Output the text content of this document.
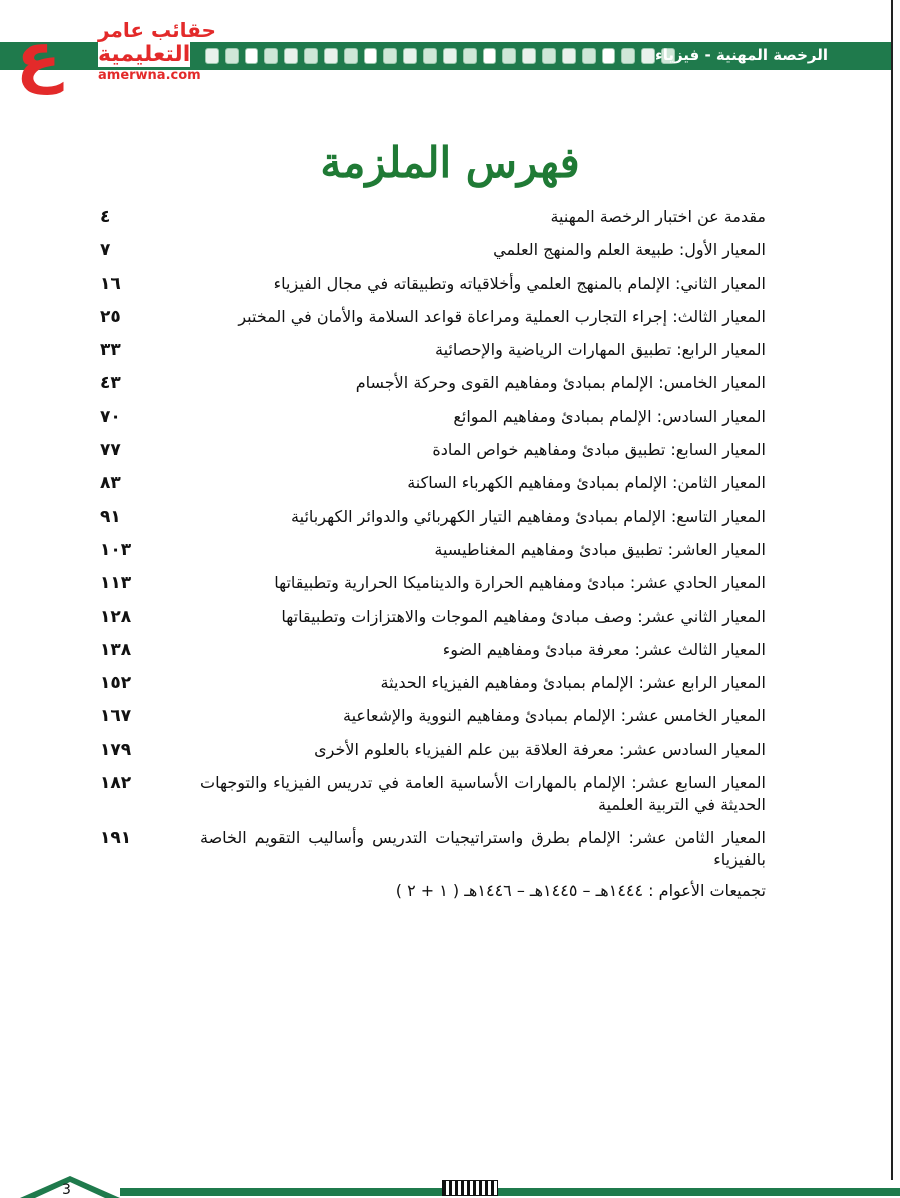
الرخصة المهنية - فيزياء
ع	حقائب عامر
التعليمية
amerwna.com
فهرس الملزمة
مقدمة عن اختبار الرخصة المهنية
٤
المعيار الأول: طبيعة العلم والمنهج العلمي
٧
المعيار الثاني: الإلمام بالمنهج العلمي وأخلاقياته وتطبيقاته في مجال الفيزياء
١٦
المعيار الثالث: إجراء التجارب العملية ومراعاة قواعد السلامة والأمان في المختبر
٢٥
المعيار الرابع: تطبيق المهارات الرياضية والإحصائية
٣٣
المعيار الخامس: الإلمام بمبادئ ومفاهيم القوى وحركة الأجسام
٤٣
المعيار السادس: الإلمام بمبادئ ومفاهيم الموائع
٧٠
المعيار السابع: تطبيق مبادئ ومفاهيم خواص المادة
٧٧
المعيار الثامن: الإلمام بمبادئ ومفاهيم الكهرباء الساكنة
٨٣
المعيار التاسع: الإلمام بمبادئ ومفاهيم التيار الكهربائي والدوائر الكهربائية
٩١
المعيار العاشر: تطبيق مبادئ ومفاهيم المغناطيسية
١٠٣
المعيار الحادي عشر: مبادئ ومفاهيم الحرارة والديناميكا الحرارية وتطبيقاتها
١١٣
المعيار الثاني عشر: وصف مبادئ ومفاهيم الموجات والاهتزازات وتطبيقاتها
١٢٨
المعيار الثالث عشر: معرفة مبادئ ومفاهيم الضوء
١٣٨
المعيار الرابع عشر: الإلمام بمبادئ ومفاهيم الفيزياء الحديثة
١٥٢
المعيار الخامس عشر: الإلمام بمبادئ ومفاهيم النووية والإشعاعية
١٦٧
المعيار السادس عشر: معرفة العلاقة بين علم الفيزياء بالعلوم الأخرى
١٧٩
المعيار السابع عشر: الإلمام بالمهارات الأساسية العامة في تدريس الفيزياء والتوجهات الحديثة في التربية العلمية
١٨٢
المعيار الثامن عشر: الإلمام بطرق واستراتيجيات التدريس وأساليب التقويم الخاصة بالفيزياء
١٩١
تجميعات الأعوام : ١٤٤٤هـ – ١٤٤٥هـ – ١٤٤٦هـ ( ١ + ٢ )
3
